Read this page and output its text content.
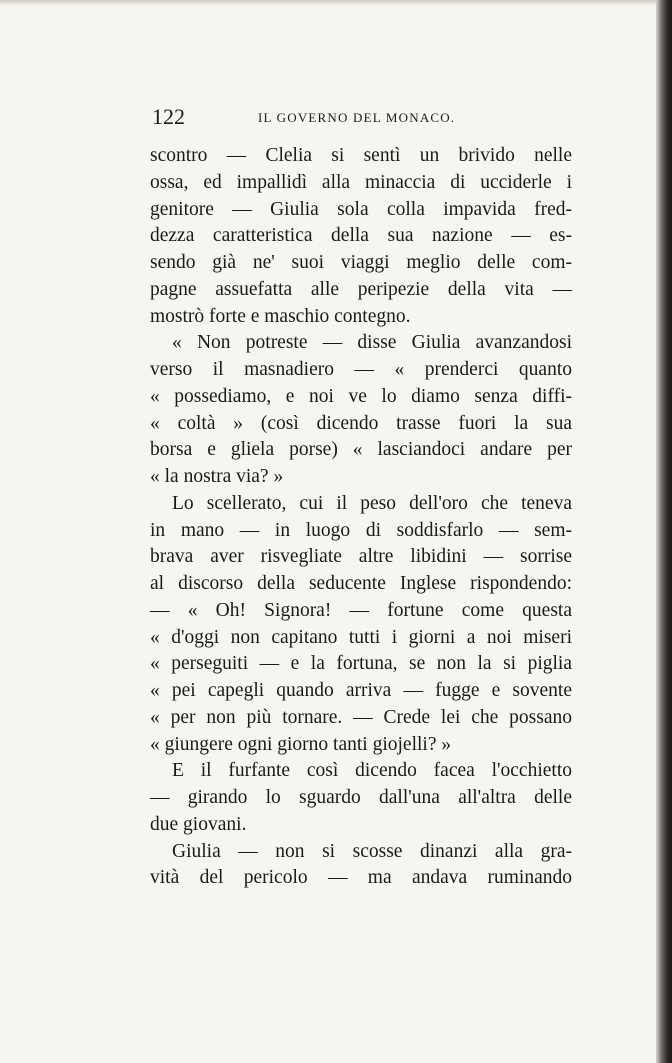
122	IL GOVERNO DEL MONACO.
scontro — Clelia si sentì un brivido nelle
ossa, ed impallidì alla minaccia di ucciderle i
genitore — Giulia sola colla impavida fred-
dezza caratteristica della sua nazione — es-
sendo già ne' suoi viaggi meglio delle com-
pagne assuefatta alle peripezie della vita —
mostrò forte e maschio contegno.
« Non potreste — disse Giulia avanzandosi
verso il masnadiero — « prenderci quanto
« possediamo, e noi ve lo diamo senza diffi-
« coltà » (così dicendo trasse fuori la sua
borsa e gliela porse) « lasciandoci andare per
« la nostra via? »
Lo scellerato, cui il peso dell'oro che teneva
in mano — in luogo di soddisfarlo — sem-
brava aver risvegliate altre libidini — sorrise
al discorso della seducente Inglese rispondendo:
— « Oh! Signora! — fortune come questa
« d'oggi non capitano tutti i giorni a noi miseri
« perseguiti — e la fortuna, se non la si piglia
« pei capegli quando arriva — fugge e sovente
« per non più tornare. — Crede lei che possano
« giungere ogni giorno tanti giojelli? »
E il furfante così dicendo facea l'occhietto
— girando lo sguardo dall'una all'altra delle
due giovani.
Giulia — non si scosse dinanzi alla gra-
vità del pericolo — ma andava ruminando
